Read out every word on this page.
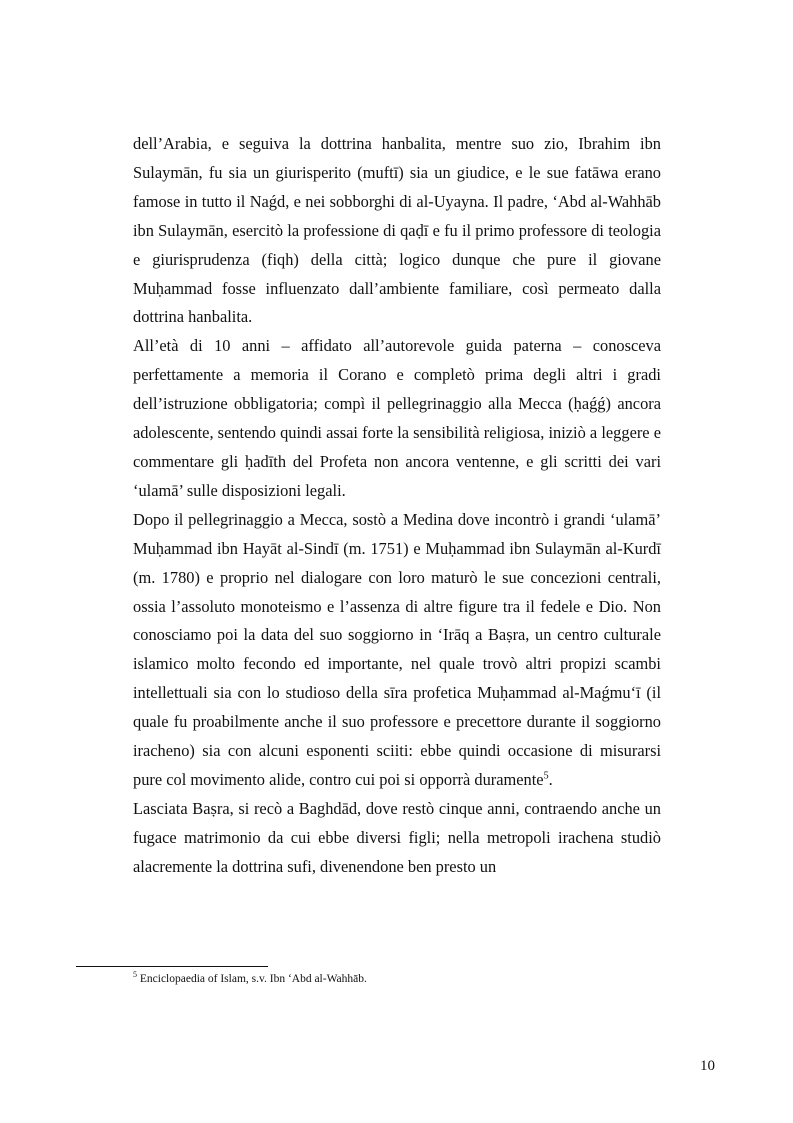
dell’Arabia, e seguiva la dottrina hanbalita, mentre suo zio, Ibrahim ibn Sulaymān, fu sia un giurisperito (muftī) sia un giudice, e le sue fatāwa erano famose in tutto il Naǵd, e nei sobborghi di al-Uyayna. Il padre, ‘Abd al-Wahhāb ibn Sulaymān, esercitò la professione di qaḍī e fu il primo professore di teologia e giurisprudenza (fiqh) della città; logico dunque che pure il giovane Muḥammad fosse influenzato dall’ambiente familiare, così permeato dalla dottrina hanbalita.

All’età di 10 anni – affidato all’autorevole guida paterna – conosceva perfettamente a memoria il Corano e completò prima degli altri i gradi dell’istruzione obbligatoria; compì il pellegrinaggio alla Mecca (ḥaǵǵ) ancora adolescente, sentendo quindi assai forte la sensibilità religiosa, iniziò a leggere e commentare gli ḥadīth del Profeta non ancora ventenne, e gli scritti dei vari ‘ulamā’ sulle disposizioni legali.

Dopo il pellegrinaggio a Mecca, sostò a Medina dove incontrò i grandi ‘ulamā’ Muḥammad ibn Hayāt al-Sindī (m. 1751) e Muḥammad ibn Sulaymān al-Kurdī (m. 1780) e proprio nel dialogare con loro maturò le sue concezioni centrali, ossia l’assoluto monoteismo e l’assenza di altre figure tra il fedele e Dio. Non conosciamo poi la data del suo soggiorno in ‘Irāq a Baṣra, un centro culturale islamico molto fecondo ed importante, nel quale trovò altri propizi scambi intellettuali sia con lo studioso della sīra profetica Muḥammad al-Maǵmu‘ī (il quale fu proabilmente anche il suo professore e precettore durante il soggiorno iracheno) sia con alcuni esponenti sciiti: ebbe quindi occasione di misurarsi pure col movimento alide, contro cui poi si opporrà duramente$^5$.

Lasciata Baṣra, si recò a Baghdād, dove restò cinque anni, contraendo anche un fugace matrimonio da cui ebbe diversi figli; nella metropoli irachena studiò alacremente la dottrina sufi, divenendone ben presto un

$^5$ Enciclopaedia of Islam, s.v. Ibn ‘Abd al-Wahhāb.
10
